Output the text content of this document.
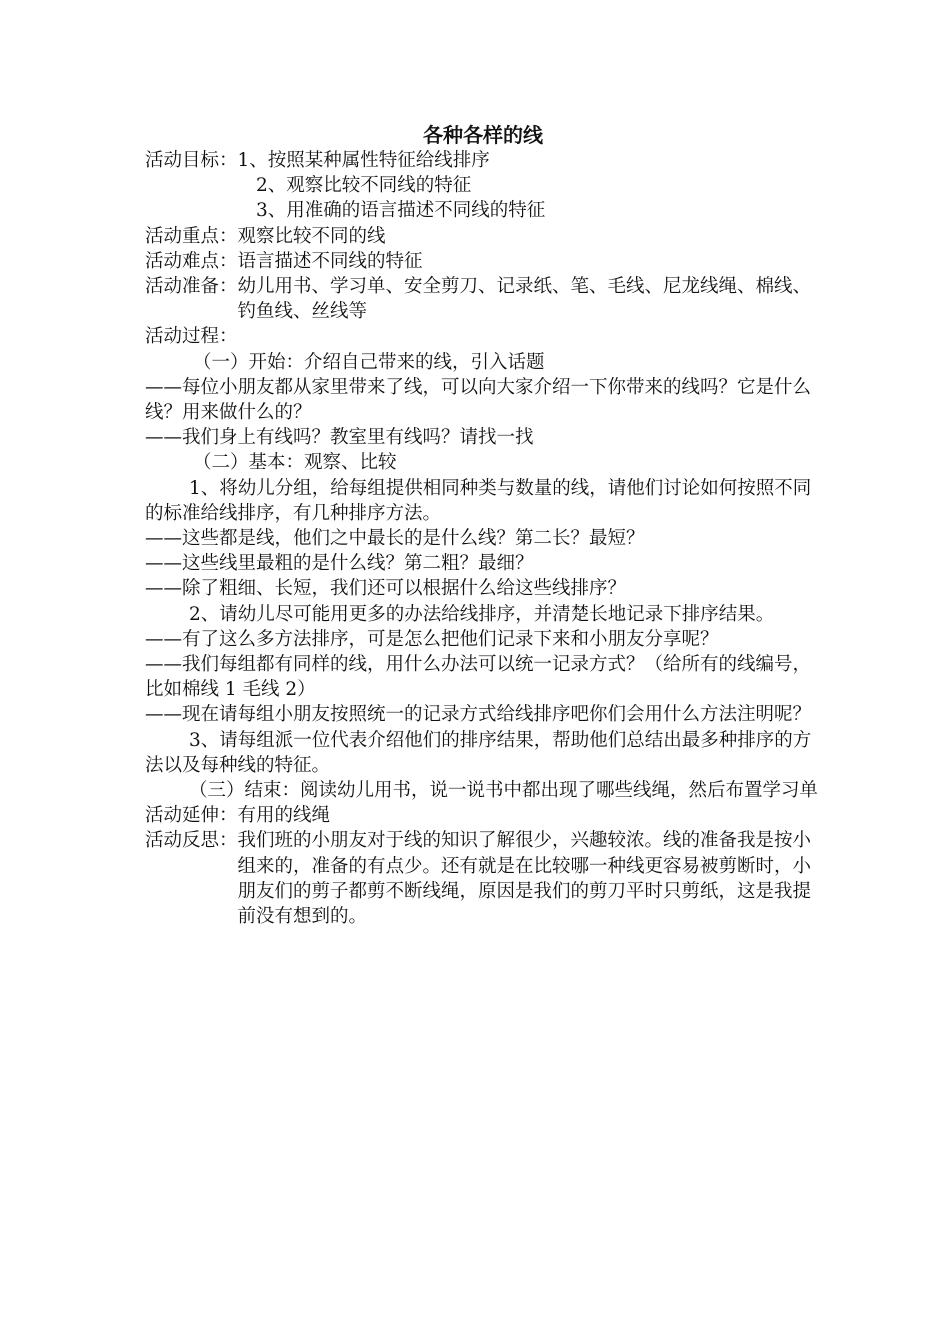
各种各样的线
活动目标： 1、按照某种属性特征给线排序

2、观察比较不同线的特征

3、用准确的语言描述不同线的特征

活动重点： 观察比较不同的线
活动难点： 语言描述不同线的特征
活动准备： 幼儿用书、学习单、安全剪刀、记录纸、笔、毛线、尼龙线绳、棉线、钓鱼线、丝线等

活动过程：

（一）开始：介绍自己带来的线，引入话题

——每位小朋友都从家里带来了线，可以向大家介绍一下你带来的线吗？它是什么线？用来做什么的？

——我们身上有线吗？教室里有线吗？请找一找

（二）基本：观察、比较

1、将幼儿分组，给每组提供相同种类与数量的线，请他们讨论如何按照不同的标准给线排序，有几种排序方法。

——这些都是线，他们之中最长的是什么线？第二长？最短？

——这些线里最粗的是什么线？第二粗？最细？

——除了粗细、长短，我们还可以根据什么给这些线排序？

2、请幼儿尽可能用更多的办法给线排序，并清楚长地记录下排序结果。

——有了这么多方法排序，可是怎么把他们记录下来和小朋友分享呢？

——我们每组都有同样的线，用什么办法可以统一记录方式？（给所有的线编号，比如棉线 1 毛线 2）

——现在请每组小朋友按照统一的记录方式给线排序吧你们会用什么方法注明呢？

3、请每组派一位代表介绍他们的排序结果，帮助他们总结出最多种排序的方法以及每种线的特征。

（三）结束：阅读幼儿用书，说一说书中都出现了哪些线绳，然后布置学习单

活动延伸： 有用的线绳
活动反思： 我们班的小朋友对于线的知识了解很少，兴趣较浓。线的准备我是按小组来的，准备的有点少。还有就是在比较哪一种线更容易被剪断时，小朋友们的剪子都剪不断线绳，原因是我们的剪刀平时只剪纸，这是我提前没有想到的。
